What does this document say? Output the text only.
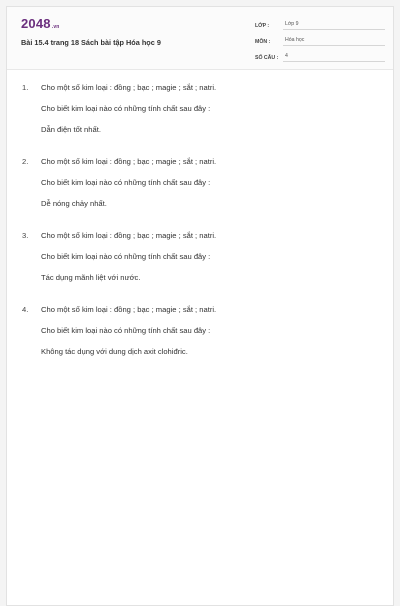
2048.vn
Bài 15.4 trang 18 Sách bài tập Hóa học 9
LỚP :	Lớp 9
MÔN :	Hóa học
SỐ CÂU :	4
1. Cho một số kim loại : đồng ; bạc ; magie ; sắt ; natri.
Cho biết kim loại nào có những tính chất sau đây :
Dẫn điện tốt nhất.
2. Cho một số kim loại : đồng ; bạc ; magie ; sắt ; natri.
Cho biết kim loại nào có những tính chất sau đây :
Dễ nóng chảy nhất.
3. Cho một số kim loại : đồng ; bạc ; magie ; sắt ; natri.
Cho biết kim loại nào có những tính chất sau đây :
Tác dụng mãnh liệt với nước.
4. Cho một số kim loại : đồng ; bạc ; magie ; sắt ; natri.
Cho biết kim loại nào có những tính chất sau đây :
Không tác dụng với dung dịch axit clohiđric.
